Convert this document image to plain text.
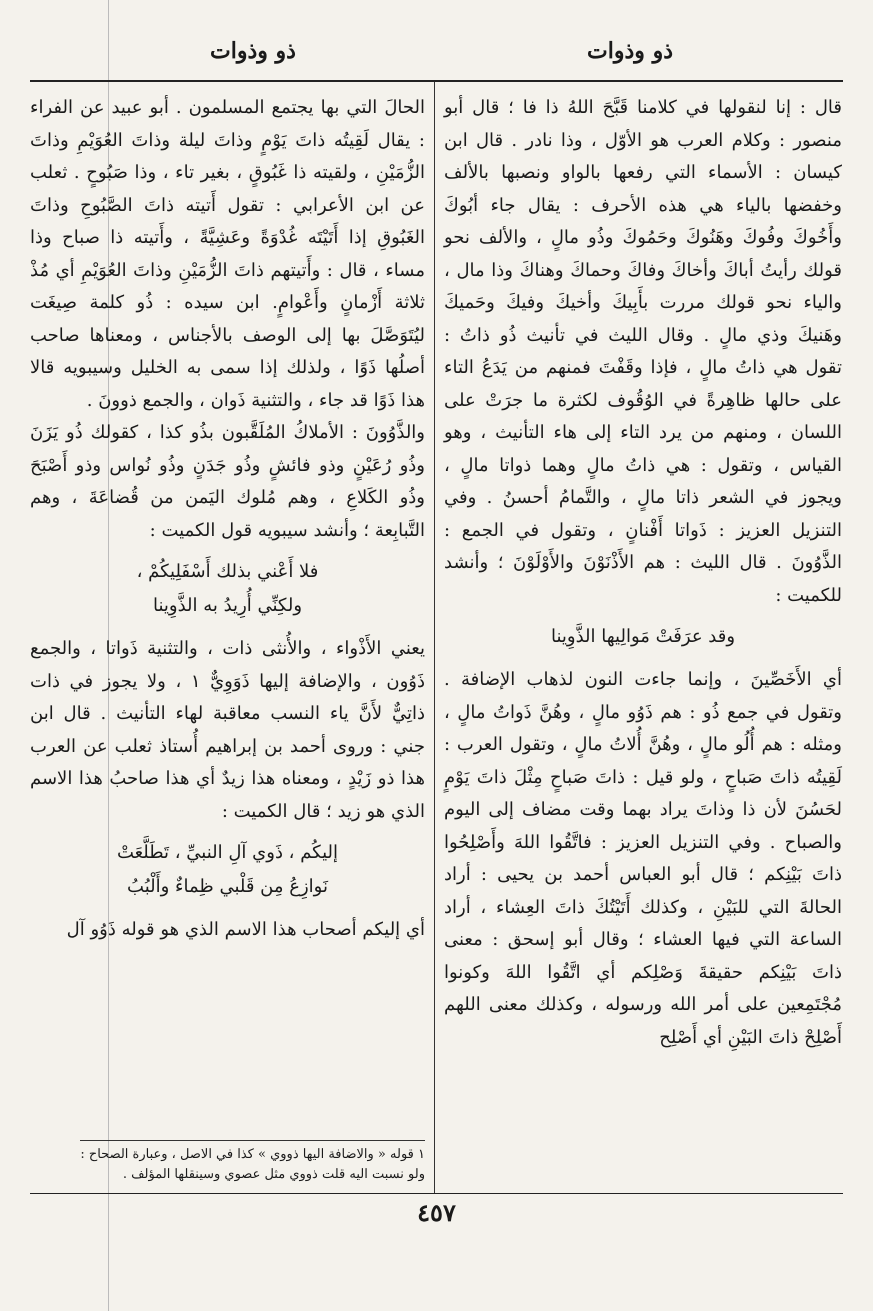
ذو وذوات
ذو وذوات

قال : إنا لنقولها في كلامنا قَبَّحَ اللهُ ذا فا ؛ قال أبو منصور : وكلام العرب هو الأوّل ، وذا نادر . قال ابن كيسان : الأسماء التي رفعها بالواو ونصبها بالألف وخفضها بالياء هي هذه الأحرف : يقال جاء أبُوكَ وأَخُوكَ وفُوكَ وهَنُوكَ وحَمُوكَ وذُو مالٍ ، والألف نحو قولك رأيتُ أباكَ وأخاكَ وفاكَ وحماكَ وهناكَ وذا مال ، والياء نحو قولك مررت بأَبِيكَ وأخيكَ وفيكَ وحَميكَ وهَنيكَ وذي مالٍ . وقال الليث في تأنيث ذُو ذاتُ : تقول هي ذاتُ مالٍ ، فإذا وقَفْتَ فمنهم من يَدَعُ التاء على حالها ظاهِرةً في الوُقُوف لكثرة ما جرَتْ على اللسان ، ومنهم من يرد التاء إلى هاء التأنيث ، وهو القياس ، وتقول : هي ذاتُ مالٍ وهما ذواتا مالٍ ، ويجوز في الشعر ذاتا مالٍ ، والتَّمامُ أحسنُ . وفي التنزيل العزيز : ذَواتا أَفْنانٍ ، وتقول في الجمع : الذَّوُونَ . قال الليث : هم الأَذْنَوْنَ والأَوْلَوْنَ ؛ وأنشد للكميت :

وقد عرَفَتْ مَوالِيها الذَّوِينا

أي الأَخَصِّينَ ، وإنما جاءت النون لذهاب الإضافة . وتقول في جمع ذُو : هم ذَوُو مالٍ ، وهُنَّ ذَواتُ مالٍ ، ومثله : هم أُلُو مالٍ ، وهُنَّ أُلاتُ مالٍ ، وتقول العرب : لَقِيتُه ذاتَ صَباحٍ ، ولو قيل : ذاتَ صَباحٍ مِثْلَ ذاتَ يَوْمٍ لحَسُنَ لأن ذا وذاتَ يراد بهما وقت مضاف إلى اليوم والصباح . وفي التنزيل العزيز : فاتَّقُوا اللهَ وأَصْلِحُوا ذاتَ بَيْنِكم ؛ قال أبو العباس أحمد بن يحيى : أراد الحالةَ التي للبَيْنِ ، وكذلك أَتَيْتُكَ ذاتَ العِشاء ، أراد الساعة التي فيها العشاء ؛ وقال أبو إسحق : معنى ذاتَ بَيْنِكم حقيقةَ وَصْلِكم أي اتَّقُوا اللهَ وكونوا مُجْتَمِعين على أمر الله ورسوله ، وكذلك معنى اللهم أَصْلِحْ ذاتَ البَيْنِ أي أَصْلِح

الحالَ التي بها يجتمع المسلمون . أبو عبيد عن الفراء : يقال لَقِيتُه ذاتَ يَوْمٍ وذاتَ ليلة وذاتَ العُوَيْمِ وذاتَ الزُّمَيْنِ ، ولقيته ذا غَبُوقٍ ، بغير تاء ، وذا صَبُوحٍ . ثعلب عن ابن الأعرابي : تقول أَتيته ذاتَ الصَّبُوحِ وذاتَ الغَبُوقِ إذا أَتَيْتَه غُدْوَةً وعَشِيَّةً ، وأَتيته ذا صباح وذا مساء ، قال : وأَتيتهم ذاتَ الزُّمَيْنِ وذاتَ العُوَيْمِ أي مُذْ ثلاثة أَزْمانٍ وأَعْوامٍ. ابن سيده : ذُو كلمة صِيغَت ليُتَوَصَّلَ بها إلى الوصف بالأجناس ، ومعناها صاحب أصلُها ذَوًا ، ولذلك إذا سمى به الخليل وسيبويه قالا هذا ذَوًا قد جاء ، والتثنية ذَوان ، والجمع ذوونَ .

والذَّوُونَ : الأملاكُ المُلَقَّبون بذُو كذا ، كقولك ذُو يَزَنَ وذُو رُعَيْنٍ وذو فائشٍ وذُو جَدَنٍ وذُو نُواس وذو أَصْبَحَ وذُو الكَلاعِ ، وهم مُلوك اليَمن من قُضاعَةَ ، وهم التَّبابِعة ؛ وأنشد سيبويه قول الكميت :

فلا أَعْني بذلك أَسْفَلِيكُمْ ،
ولكِنِّي أُرِيدُ به الذَّوِينا

يعني الأَذْواء ، والأُنثى ذات ، والتثنية ذَواتا ، والجمع ذَوُون ، والإضافة إليها ذَوَوِيٌّ ١ ، ولا يجوز في ذات ذاتِيٌّ لأَنَّ ياء النسب معاقبة لهاء التأنيث . قال ابن جني : وروى أحمد بن إبراهيم أُستاذ ثعلب عن العرب هذا ذو زَيْدٍ ، ومعناه هذا زيدٌ أي هذا صاحبُ هذا الاسم الذي هو زيد ؛ قال الكميت :

إليكُم ، ذَوي آلِ النبيِّ ، تَطَلَّعَتْ
نَوازِعُ مِن قَلْبي ظِماءٌ وأَلْبُبُ

أي إليكم أصحاب هذا الاسم الذي هو قوله ذَوُو آل

١ قوله « والاضافة اليها ذووي » كذا في الاصل ، وعبارة الصحاح :
ولو نسبت اليه قلت ذووي مثل عصوي وسينقلها المؤلف .
٤٥٧
